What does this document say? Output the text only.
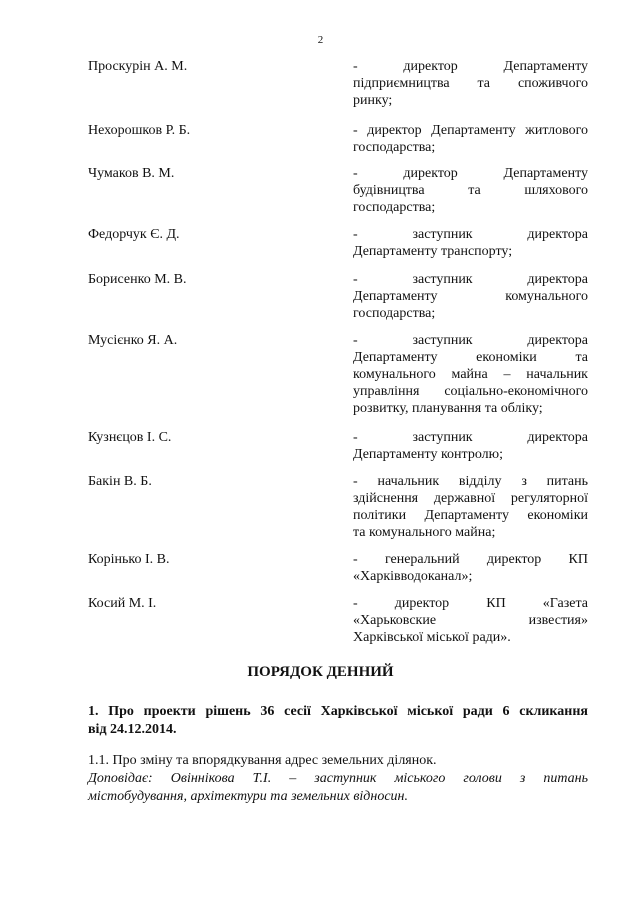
2
Проскурін А. М.	- директор Департаменту
підприємництва та споживчого
ринку;
Нехорошков Р. Б.	- директор Департаменту житлового
господарства;
Чумаков В. М.	- директор Департаменту
будівництва та шляхового
господарства;
Федорчук Є. Д.	- заступник директора
Департаменту транспорту;
Борисенко М. В.	- заступник директора
Департаменту комунального
господарства;
Мусієнко Я. А.	- заступник директора
Департаменту економіки та
комунального майна – начальник
управління соціально-економічного
розвитку, планування та обліку;
Кузнєцов І. С.	- заступник директора
Департаменту контролю;
Бакін В. Б.	- начальник відділу з питань
здійснення державної регуляторної
політики Департаменту економіки
та комунального майна;
Корінько І. В.	- генеральний директор КП
«Харківводоканал»;
Косий М. І.	- директор КП «Газета
«Харьковские известия»
Харківської міської ради».
ПОРЯДОК ДЕННИЙ
1. Про проекти рішень 36 сесії Харківської міської ради 6 скликання
від 24.12.2014.
1.1. Про зміну та впорядкування адрес земельних ділянок.
Доповідає: Овіннікова Т.І. – заступник міського голови з питань
містобудування, архітектури та земельних відносин.
